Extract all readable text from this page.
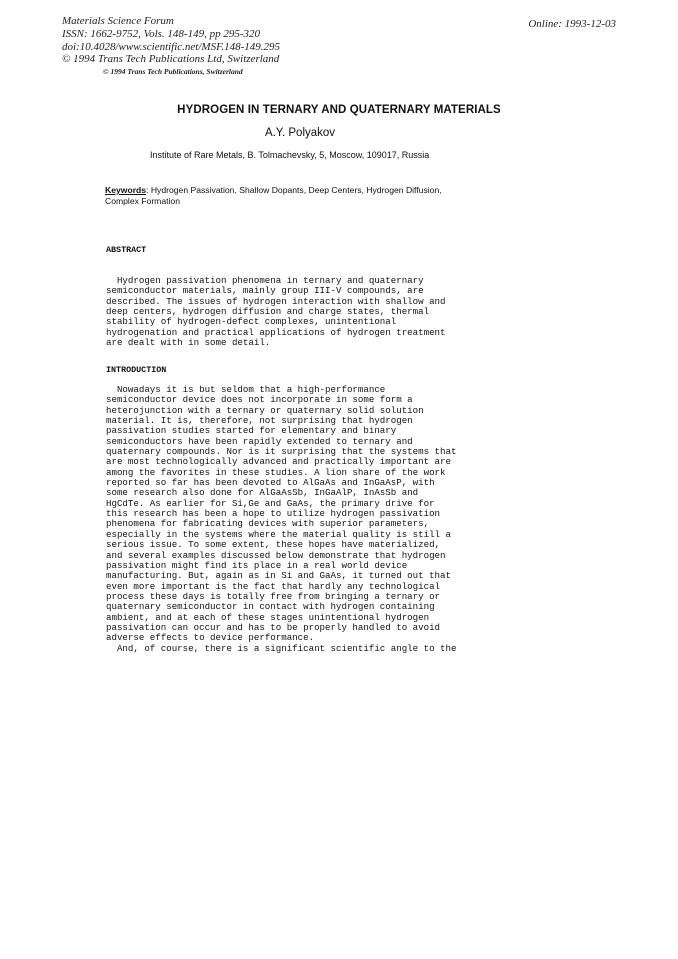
Materials Science Forum
ISSN: 1662-9752, Vols. 148-149, pp 295-320
doi:10.4028/www.scientific.net/MSF.148-149.295
© 1994 Trans Tech Publications Ltd, Switzerland
Online: 1993-12-03
© 1994 Trans Tech Publications, Switzerland
HYDROGEN IN TERNARY AND QUATERNARY MATERIALS
A.Y. Polyakov
Institute of Rare Metals, B. Tolmachevsky, 5, Moscow, 109017, Russia
Keywords: Hydrogen Passivation, Shallow Dopants, Deep Centers, Hydrogen Diffusion,
Complex Formation
ABSTRACT
Hydrogen passivation phenomena in ternary and quaternary
semiconductor materials, mainly group III-V compounds, are
described. The issues of hydrogen interaction with shallow and
deep centers, hydrogen diffusion and charge states, thermal
stability of hydrogen-defect complexes, unintentional
hydrogenation and practical applications of hydrogen treatment
are dealt with in some detail.
INTRODUCTION
Nowadays it is but seldom that a high-performance
semiconductor device does not incorporate in some form a
heterojunction with a ternary or quaternary solid solution
material. It is, therefore, not surprising that hydrogen
passivation studies started for elementary and binary
semiconductors have been rapidly extended to ternary and
quaternary compounds. Nor is it surprising that the systems that
are most technologically advanced and practically important are
among the favorites in these studies. A lion share of the work
reported so far has been devoted to AlGaAs and InGaAsP, with
some research also done for AlGaAsSb, InGaAlP, InAsSb and
HgCdTe. As earlier for Si,Ge and GaAs, the primary drive for
this research has been a hope to utilize hydrogen passivation
phenomena for fabricating devices with superior parameters,
especially in the systems where the material quality is still a
serious issue. To some extent, these hopes have materialized,
and several examples discussed below demonstrate that hydrogen
passivation might find its place in a real world device
manufacturing. But, again as in Si and GaAs, it turned out that
even more important is the fact that hardly any technological
process these days is totally free from bringing a ternary or
quaternary semiconductor in contact with hydrogen containing
ambient, and at each of these stages unintentional hydrogen
passivation can occur and has to be properly handled to avoid
adverse effects to device performance.
And, of course, there is a significant scientific angle to the
